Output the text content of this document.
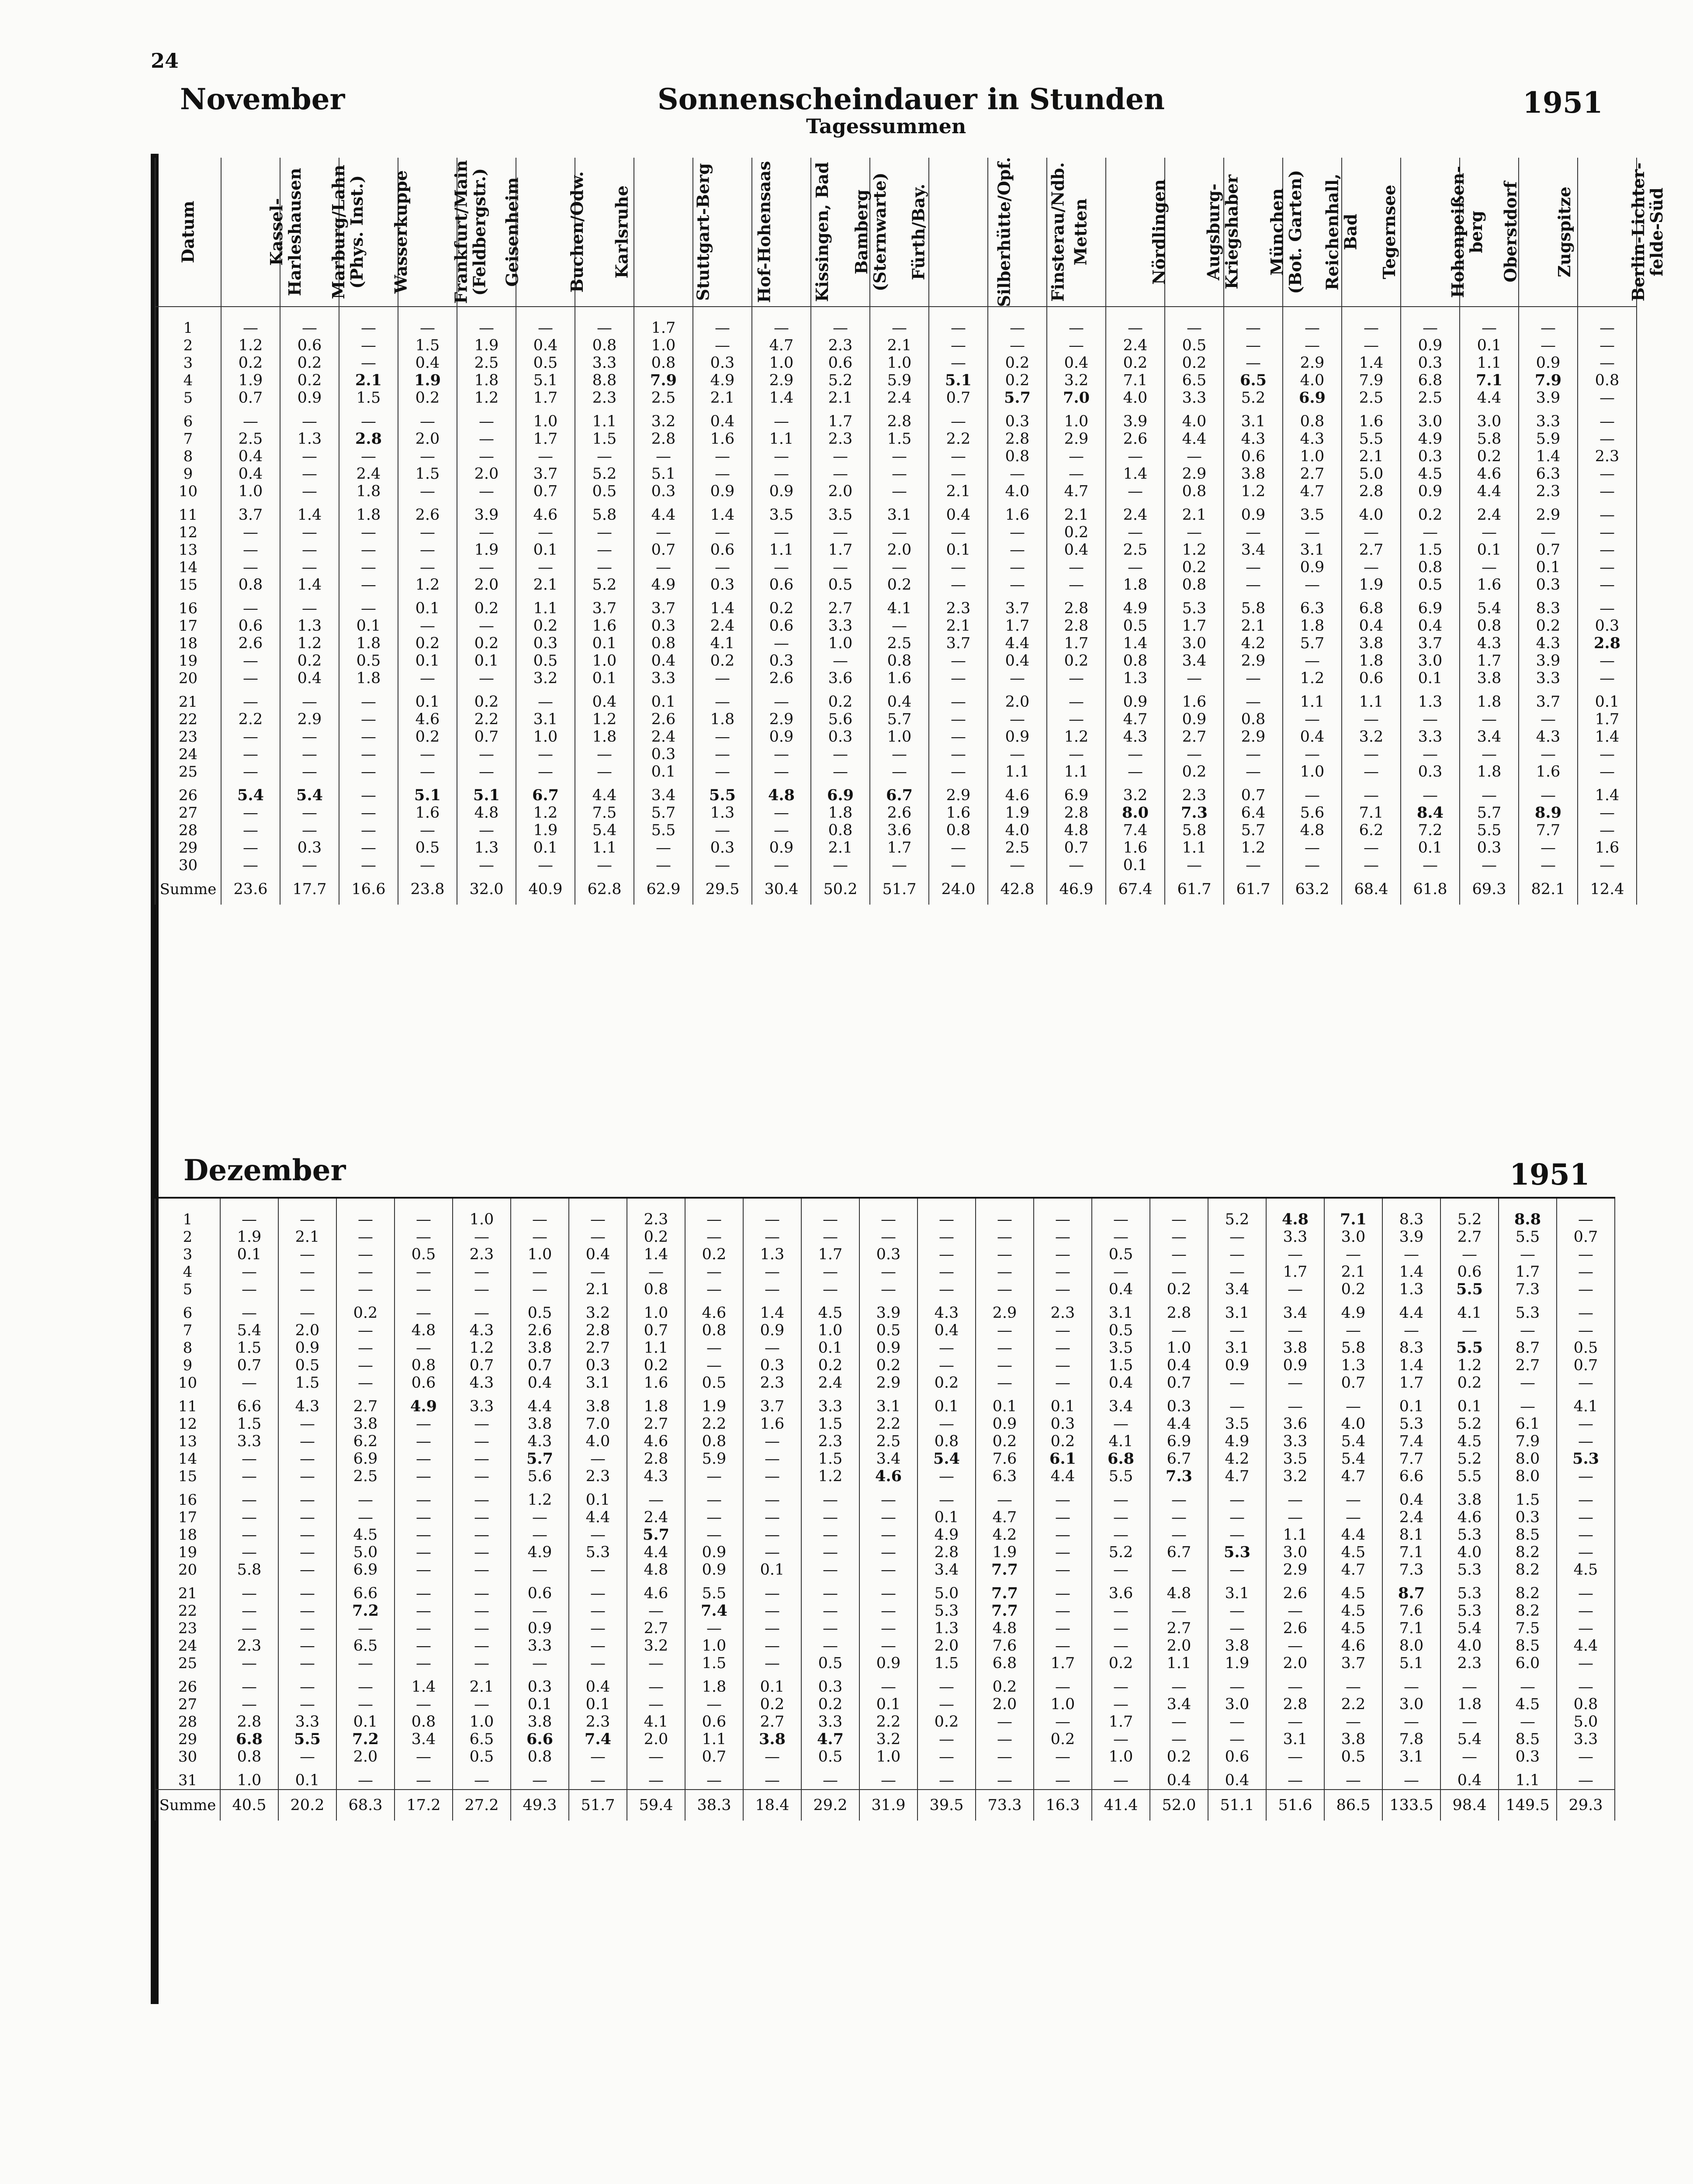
24
November	Sonnenscheindauer in Stunden
Tagessummen
1951
Datum	Kassel-
Harleshausen	Marburg/Lahn
(Phys. Inst.)	Wasserkuppe	Frankfurt/Main
(Feldbergstr.)	Geisenheim	Buchen/Odw.	Karlsruhe	Stuttgart-Berg	Hof-Hohensaas	Kissingen, Bad	Bamberg
(Sternwarte)	Fürth/Bay.	Silberhütte/Opf.	Finsterau/Ndb.	Metten	Nördlingen	Augsburg-
Kriegshaber	München
(Bot. Garten)	Reichenhall,
Bad	Tegernsee	Hohenpeißen-
berg	Oberstdorf	Zugspitze	Berlin-Lichter-
felde-Süd

1	—	—	—	—	—	—	—	1.7	—	—	—	—	—	—	—	—	—	—	—	—	—	—	—	—
2	1.2	0.6	—	1.5	1.9	0.4	0.8	1.0	—	4.7	2.3	2.1	—	—	—	2.4	0.5	—	—	—	0.9	0.1	—	—
3	0.2	0.2	—	0.4	2.5	0.5	3.3	0.8	0.3	1.0	0.6	1.0	—	0.2	0.4	0.2	0.2	—	2.9	1.4	0.3	1.1	0.9	—
4	1.9	0.2	2.1	1.9	1.8	5.1	8.8	7.9	4.9	2.9	5.2	5.9	5.1	0.2	3.2	7.1	6.5	6.5	4.0	7.9	6.8	7.1	7.9	0.8
5	0.7	0.9	1.5	0.2	1.2	1.7	2.3	2.5	2.1	1.4	2.1	2.4	0.7	5.7	7.0	4.0	3.3	5.2	6.9	2.5	2.5	4.4	3.9	—

6	—	—	—	—	—	1.0	1.1	3.2	0.4	—	1.7	2.8	—	0.3	1.0	3.9	4.0	3.1	0.8	1.6	3.0	3.0	3.3	—
7	2.5	1.3	2.8	2.0	—	1.7	1.5	2.8	1.6	1.1	2.3	1.5	2.2	2.8	2.9	2.6	4.4	4.3	4.3	5.5	4.9	5.8	5.9	—
8	0.4	—	—	—	—	—	—	—	—	—	—	—	—	0.8	—	—	—	0.6	1.0	2.1	0.3	0.2	1.4	2.3
9	0.4	—	2.4	1.5	2.0	3.7	5.2	5.1	—	—	—	—	—	—	—	1.4	2.9	3.8	2.7	5.0	4.5	4.6	6.3	—
10	1.0	—	1.8	—	—	0.7	0.5	0.3	0.9	0.9	2.0	—	2.1	4.0	4.7	—	0.8	1.2	4.7	2.8	0.9	4.4	2.3	—

11	3.7	1.4	1.8	2.6	3.9	4.6	5.8	4.4	1.4	3.5	3.5	3.1	0.4	1.6	2.1	2.4	2.1	0.9	3.5	4.0	0.2	2.4	2.9	—
12	—	—	—	—	—	—	—	—	—	—	—	—	—	—	0.2	—	—	—	—	—	—	—	—	—
13	—	—	—	—	1.9	0.1	—	0.7	0.6	1.1	1.7	2.0	0.1	—	0.4	2.5	1.2	3.4	3.1	2.7	1.5	0.1	0.7	—
14	—	—	—	—	—	—	—	—	—	—	—	—	—	—	—	—	0.2	—	0.9	—	0.8	—	0.1	—
15	0.8	1.4	—	1.2	2.0	2.1	5.2	4.9	0.3	0.6	0.5	0.2	—	—	—	1.8	0.8	—	—	1.9	0.5	1.6	0.3	—

16	—	—	—	0.1	0.2	1.1	3.7	3.7	1.4	0.2	2.7	4.1	2.3	3.7	2.8	4.9	5.3	5.8	6.3	6.8	6.9	5.4	8.3	—
17	0.6	1.3	0.1	—	—	0.2	1.6	0.3	2.4	0.6	3.3	—	2.1	1.7	2.8	0.5	1.7	2.1	1.8	0.4	0.4	0.8	0.2	0.3
18	2.6	1.2	1.8	0.2	0.2	0.3	0.1	0.8	4.1	—	1.0	2.5	3.7	4.4	1.7	1.4	3.0	4.2	5.7	3.8	3.7	4.3	4.3	2.8
19	—	0.2	0.5	0.1	0.1	0.5	1.0	0.4	0.2	0.3	—	0.8	—	0.4	0.2	0.8	3.4	2.9	—	1.8	3.0	1.7	3.9	—
20	—	0.4	1.8	—	—	3.2	0.1	3.3	—	2.6	3.6	1.6	—	—	—	1.3	—	—	1.2	0.6	0.1	3.8	3.3	—

21	—	—	—	0.1	0.2	—	0.4	0.1	—	—	0.2	0.4	—	2.0	—	0.9	1.6	—	1.1	1.1	1.3	1.8	3.7	0.1
22	2.2	2.9	—	4.6	2.2	3.1	1.2	2.6	1.8	2.9	5.6	5.7	—	—	—	4.7	0.9	0.8	—	—	—	—	—	1.7
23	—	—	—	0.2	0.7	1.0	1.8	2.4	—	0.9	0.3	1.0	—	0.9	1.2	4.3	2.7	2.9	0.4	3.2	3.3	3.4	4.3	1.4
24	—	—	—	—	—	—	—	0.3	—	—	—	—	—	—	—	—	—	—	—	—	—	—	—	—
25	—	—	—	—	—	—	—	0.1	—	—	—	—	—	1.1	1.1	—	0.2	—	1.0	—	0.3	1.8	1.6	—

26	5.4	5.4	—	5.1	5.1	6.7	4.4	3.4	5.5	4.8	6.9	6.7	2.9	4.6	6.9	3.2	2.3	0.7	—	—	—	—	—	1.4
27	—	—	—	1.6	4.8	1.2	7.5	5.7	1.3	—	1.8	2.6	1.6	1.9	2.8	8.0	7.3	6.4	5.6	7.1	8.4	5.7	8.9	—
28	—	—	—	—	—	1.9	5.4	5.5	—	—	0.8	3.6	0.8	4.0	4.8	7.4	5.8	5.7	4.8	6.2	7.2	5.5	7.7	—
29	—	0.3	—	0.5	1.3	0.1	1.1	—	0.3	0.9	2.1	1.7	—	2.5	0.7	1.6	1.1	1.2	—	—	0.1	0.3	—	1.6
30	—	—	—	—	—	—	—	—	—	—	—	—	—	—	—	0.1	—	—	—	—	—	—	—	—
Summe	23.6	17.7	16.6	23.8	32.0	40.9	62.8	62.9	29.5	30.4	50.2	51.7	24.0	42.8	46.9	67.4	61.7	61.7	63.2	68.4	61.8	69.3	82.1	12.4
Dezember	1951

1	—	—	—	—	1.0	—	—	2.3	—	—	—	—	—	—	—	—	—	5.2	4.8	7.1	8.3	5.2	8.8	—
2	1.9	2.1	—	—	—	—	—	0.2	—	—	—	—	—	—	—	—	—	—	3.3	3.0	3.9	2.7	5.5	0.7
3	0.1	—	—	0.5	2.3	1.0	0.4	1.4	0.2	1.3	1.7	0.3	—	—	—	0.5	—	—	—	—	—	—	—	—
4	—	—	—	—	—	—	—	—	—	—	—	—	—	—	—	—	—	—	1.7	2.1	1.4	0.6	1.7	—
5	—	—	—	—	—	—	2.1	0.8	—	—	—	—	—	—	—	0.4	0.2	3.4	—	0.2	1.3	5.5	7.3	—

6	—	—	0.2	—	—	0.5	3.2	1.0	4.6	1.4	4.5	3.9	4.3	2.9	2.3	3.1	2.8	3.1	3.4	4.9	4.4	4.1	5.3	—
7	5.4	2.0	—	4.8	4.3	2.6	2.8	0.7	0.8	0.9	1.0	0.5	0.4	—	—	0.5	—	—	—	—	—	—	—	—
8	1.5	0.9	—	—	1.2	3.8	2.7	1.1	—	—	0.1	0.9	—	—	—	3.5	1.0	3.1	3.8	5.8	8.3	5.5	8.7	0.5
9	0.7	0.5	—	0.8	0.7	0.7	0.3	0.2	—	0.3	0.2	0.2	—	—	—	1.5	0.4	0.9	0.9	1.3	1.4	1.2	2.7	0.7
10	—	1.5	—	0.6	4.3	0.4	3.1	1.6	0.5	2.3	2.4	2.9	0.2	—	—	0.4	0.7	—	—	0.7	1.7	0.2	—	—

11	6.6	4.3	2.7	4.9	3.3	4.4	3.8	1.8	1.9	3.7	3.3	3.1	0.1	0.1	0.1	3.4	0.3	—	—	—	0.1	0.1	—	4.1
12	1.5	—	3.8	—	—	3.8	7.0	2.7	2.2	1.6	1.5	2.2	—	0.9	0.3	—	4.4	3.5	3.6	4.0	5.3	5.2	6.1	—
13	3.3	—	6.2	—	—	4.3	4.0	4.6	0.8	—	2.3	2.5	0.8	0.2	0.2	4.1	6.9	4.9	3.3	5.4	7.4	4.5	7.9	—
14	—	—	6.9	—	—	5.7	—	2.8	5.9	—	1.5	3.4	5.4	7.6	6.1	6.8	6.7	4.2	3.5	5.4	7.7	5.2	8.0	5.3
15	—	—	2.5	—	—	5.6	2.3	4.3	—	—	1.2	4.6	—	6.3	4.4	5.5	7.3	4.7	3.2	4.7	6.6	5.5	8.0	—

16	—	—	—	—	—	1.2	0.1	—	—	—	—	—	—	—	—	—	—	—	—	—	0.4	3.8	1.5	—
17	—	—	—	—	—	—	4.4	2.4	—	—	—	—	0.1	4.7	—	—	—	—	—	—	2.4	4.6	0.3	—
18	—	—	4.5	—	—	—	—	5.7	—	—	—	—	4.9	4.2	—	—	—	—	1.1	4.4	8.1	5.3	8.5	—
19	—	—	5.0	—	—	4.9	5.3	4.4	0.9	—	—	—	2.8	1.9	—	5.2	6.7	5.3	3.0	4.5	7.1	4.0	8.2	—
20	5.8	—	6.9	—	—	—	—	4.8	0.9	0.1	—	—	3.4	7.7	—	—	—	—	2.9	4.7	7.3	5.3	8.2	4.5

21	—	—	6.6	—	—	0.6	—	4.6	5.5	—	—	—	5.0	7.7	—	3.6	4.8	3.1	2.6	4.5	8.7	5.3	8.2	—
22	—	—	7.2	—	—	—	—	—	7.4	—	—	—	5.3	7.7	—	—	—	—	—	4.5	7.6	5.3	8.2	—
23	—	—	—	—	—	0.9	—	2.7	—	—	—	—	1.3	4.8	—	—	2.7	—	2.6	4.5	7.1	5.4	7.5	—
24	2.3	—	6.5	—	—	3.3	—	3.2	1.0	—	—	—	2.0	7.6	—	—	2.0	3.8	—	4.6	8.0	4.0	8.5	4.4
25	—	—	—	—	—	—	—	—	1.5	—	0.5	0.9	1.5	6.8	1.7	0.2	1.1	1.9	2.0	3.7	5.1	2.3	6.0	—

26	—	—	—	1.4	2.1	0.3	0.4	—	1.8	0.1	0.3	—	—	0.2	—	—	—	—	—	—	—	—	—	—
27	—	—	—	—	—	0.1	0.1	—	—	0.2	0.2	0.1	—	2.0	1.0	—	3.4	3.0	2.8	2.2	3.0	1.8	4.5	0.8
28	2.8	3.3	0.1	0.8	1.0	3.8	2.3	4.1	0.6	2.7	3.3	2.2	0.2	—	—	1.7	—	—	—	—	—	—	—	5.0
29	6.8	5.5	7.2	3.4	6.5	6.6	7.4	2.0	1.1	3.8	4.7	3.2	—	—	0.2	—	—	—	3.1	3.8	7.8	5.4	8.5	3.3
30	0.8	—	2.0	—	0.5	0.8	—	—	0.7	—	0.5	1.0	—	—	—	1.0	0.2	0.6	—	0.5	3.1	—	0.3	—

31	1.0	0.1	—	—	—	—	—	—	—	—	—	—	—	—	—	—	0.4	0.4	—	—	—	0.4	1.1	—
Summe	40.5	20.2	68.3	17.2	27.2	49.3	51.7	59.4	38.3	18.4	29.2	31.9	39.5	73.3	16.3	41.4	52.0	51.1	51.6	86.5	133.5	98.4	149.5	29.3
